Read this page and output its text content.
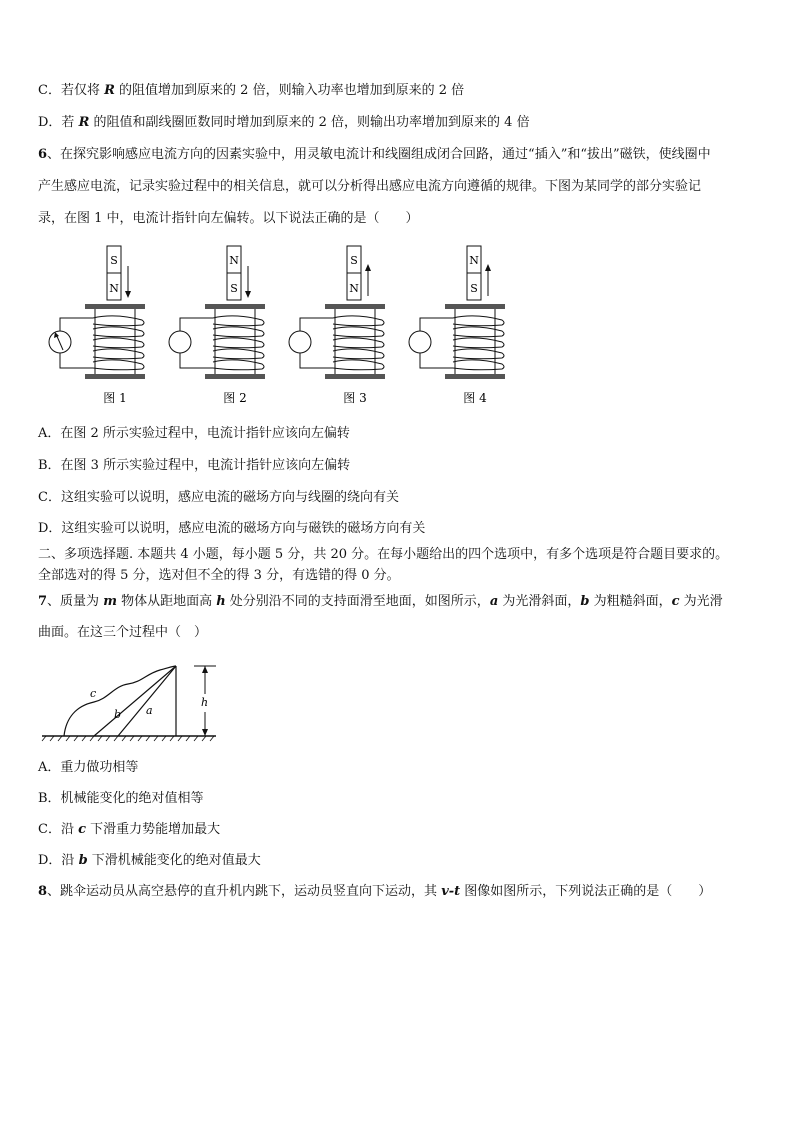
C．若仅将 R 的阻值增加到原来的 2 倍，则输入功率也增加到原来的 2 倍
D．若 R 的阻值和副线圈匝数同时增加到原来的 2 倍，则输出功率增加到原来的 4 倍
6、在探究影响感应电流方向的因素实验中，用灵敏电流计和线圈组成闭合回路，通过“插入”和“拔出”磁铁，使线圈中
产生感应电流，记录实验过程中的相关信息，就可以分析得出感应电流方向遵循的规律。下图为某同学的部分实验记
录，在图 1 中，电流计指针向左偏转。以下说法正确的是（　　）
S
N
图 1
N
S
图 2
S
N
图 3
N
S
图 4
A．在图 2 所示实验过程中，电流计指针应该向左偏转
B．在图 3 所示实验过程中，电流计指针应该向左偏转
C．这组实验可以说明，感应电流的磁场方向与线圈的绕向有关
D．这组实验可以说明，感应电流的磁场方向与磁铁的磁场方向有关
二、多项选择题. 本题共 4 小题，每小题 5 分，共 20 分。在每小题给出的四个选项中，有多个选项是符合题目要求的。
全部选对的得 5 分，选对但不全的得 3 分，有选错的得 0 分。
7、质量为 m 物体从距地面高 h 处分别沿不同的支持面滑至地面，如图所示，a 为光滑斜面，b 为粗糙斜面，c 为光滑
曲面。在这三个过程中（　）
c
b a
h
A．重力做功相等
B．机械能变化的绝对值相等
C．沿 c 下滑重力势能增加最大
D．沿 b 下滑机械能变化的绝对值最大
8、跳伞运动员从高空悬停的直升机内跳下，运动员竖直向下运动，其 v-t 图像如图所示，下列说法正确的是（　　）
